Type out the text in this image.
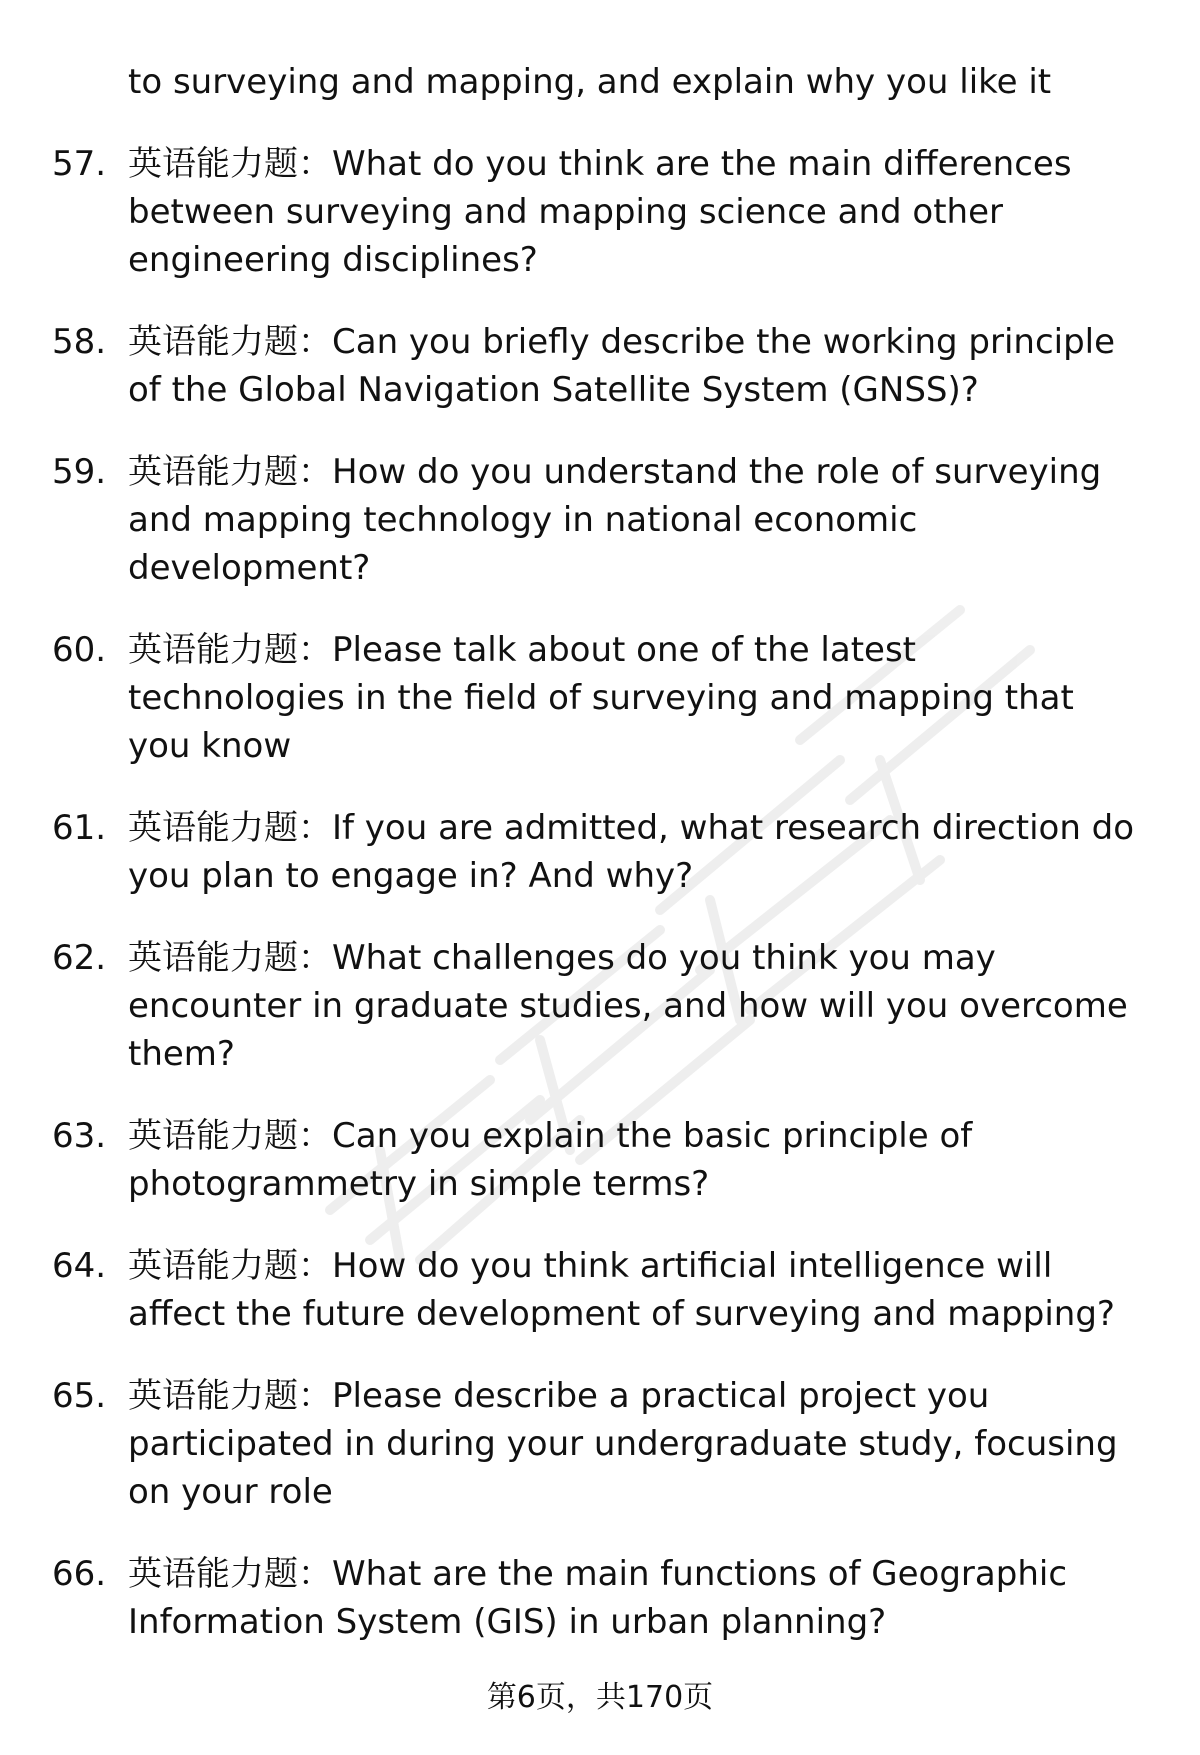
to surveying and mapping, and explain why you like it
57. 英语能力题：What do you think are the main differences
between surveying and mapping science and other
engineering disciplines?
58. 英语能力题：Can you briefly describe the working principle
of the Global Navigation Satellite System (GNSS)?
59. 英语能力题：How do you understand the role of surveying
and mapping technology in national economic
development?
60. 英语能力题：Please talk about one of the latest
technologies in the field of surveying and mapping that
you know
61. 英语能力题：If you are admitted, what research direction do
you plan to engage in? And why?
62. 英语能力题：What challenges do you think you may
encounter in graduate studies, and how will you overcome
them?
63. 英语能力题：Can you explain the basic principle of
photogrammetry in simple terms?
64. 英语能力题：How do you think artificial intelligence will
affect the future development of surveying and mapping?
65. 英语能力题：Please describe a practical project you
participated in during your undergraduate study, focusing
on your role
66. 英语能力题：What are the main functions of Geographic
Information System (GIS) in urban planning?
第6页，共170页
